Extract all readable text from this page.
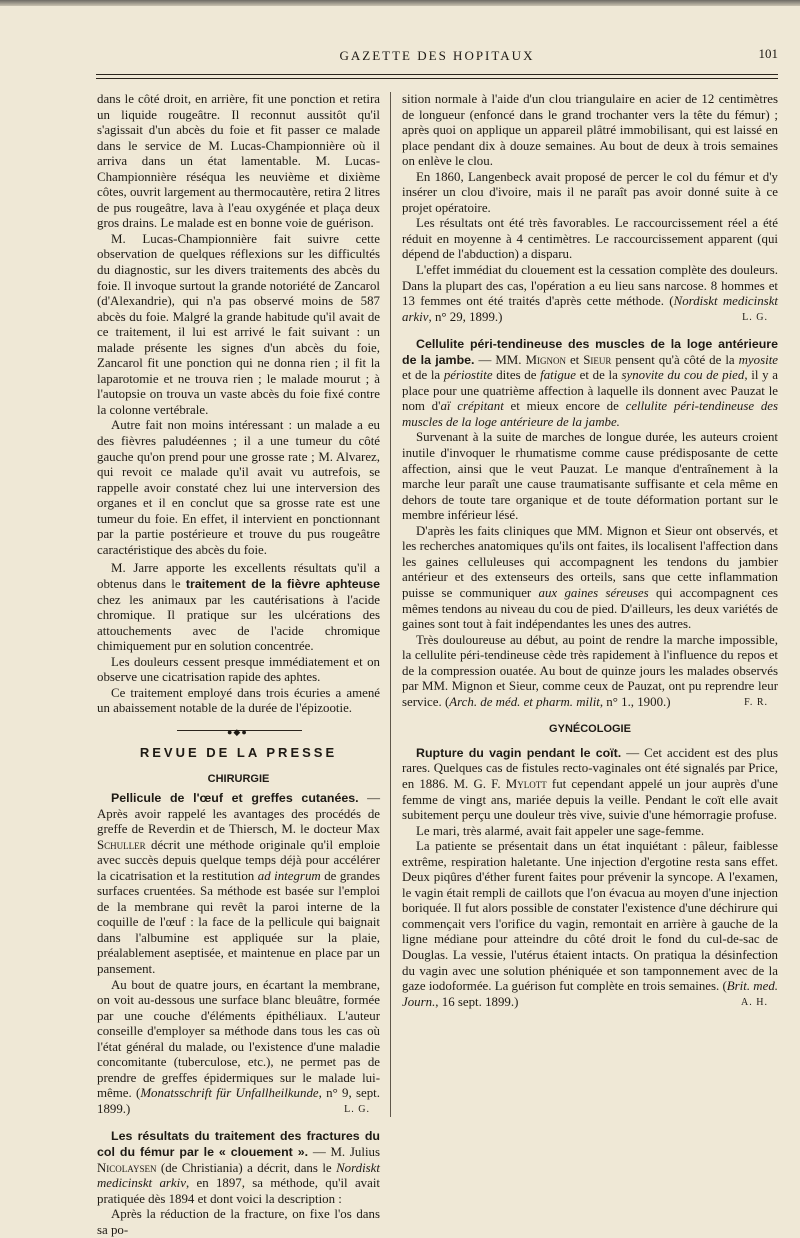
GAZETTE DES HOPITAUX	101

dans le côté droit, en arrière, fit une ponction et retira un liquide rougeâtre. Il reconnut aussitôt qu'il s'agissait d'un abcès du foie et fit passer ce malade dans le service de M. Lucas-Championnière où il arriva dans un état lamentable. M. Lucas-Championnière réséqua les neuvième et dixième côtes, ouvrit largement au thermocautère, retira 2 litres de pus rougeâtre, lava à l'eau oxygénée et plaça deux gros drains. Le malade est en bonne voie de guérison.

M. Lucas-Championnière fait suivre cette observation de quelques réflexions sur les difficultés du diagnostic, sur les divers traitements des abcès du foie. Il invoque surtout la grande notoriété de Zancarol (d'Alexandrie), qui n'a pas observé moins de 587 abcès du foie. Malgré la grande habitude qu'il avait de ce traitement, il lui est arrivé le fait suivant : un malade présente les signes d'un abcès du foie, Zancarol fit une ponction qui ne donna rien ; il fit la laparotomie et ne trouva rien ; le malade mourut ; à l'autopsie on trouva un vaste abcès du foie fixé contre la colonne vertébrale.

Autre fait non moins intéressant : un malade a eu des fièvres paludéennes ; il a une tumeur du côté gauche qu'on prend pour une grosse rate ; M. Alvarez, qui revoit ce malade qu'il avait vu autrefois, se rappelle avoir constaté chez lui une interversion des organes et il en conclut que sa grosse rate est une tumeur du foie. En effet, il intervient en ponctionnant par la partie postérieure et trouve du pus rougeâtre caractéristique des abcès du foie.

M. Jarre apporte les excellents résultats qu'il a obtenus dans le traitement de la fièvre aphteuse chez les animaux par les cautérisations à l'acide chromique. Il pratique sur les ulcérations des attouchements avec de l'acide chromique chimiquement pur en solution concentrée.

Les douleurs cessent presque immédiatement et on observe une cicatrisation rapide des aphtes.

Ce traitement employé dans trois écuries a amené un abaissement notable de la durée de l'épizootie.

●◆●

REVUE DE LA PRESSE

CHIRURGIE

Pellicule de l'œuf et greffes cutanées. — Après avoir rappelé les avantages des procédés de greffe de Reverdin et de Thiersch, M. le docteur Max Schuller décrit une méthode originale qu'il emploie avec succès depuis quelque temps déjà pour accélérer la cicatrisation et la restitution ad integrum de grandes surfaces cruentées. Sa méthode est basée sur l'emploi de la membrane qui revêt la paroi interne de la coquille de l'œuf : la face de la pellicule qui baignait dans l'albumine est appliquée sur la plaie, préalablement aseptisée, et maintenue en place par un pansement.

Au bout de quatre jours, en écartant la membrane, on voit au-dessous une surface blanc bleuâtre, formée par une couche d'éléments épithéliaux. L'auteur conseille d'employer sa méthode dans tous les cas où l'état général du malade, ou l'existence d'une maladie concomitante (tuberculose, etc.), ne permet pas de prendre de greffes épidermiques sur le malade lui-même. (Monatsschrift für Unfallheilkunde, n° 9, sept. 1899.)	L. G.

Les résultats du traitement des fractures du col du fémur par le « clouement ». — M. Julius Nicolaysen (de Christiania) a décrit, dans le Nordiskt medicinskt arkiv, en 1897, sa méthode, qu'il avait pratiquée dès 1894 et dont voici la description :

Après la réduction de la fracture, on fixe l'os dans sa po-

sition normale à l'aide d'un clou triangulaire en acier de 12 centimètres de longueur (enfoncé dans le grand trochanter vers la tête du fémur) ; après quoi on applique un appareil plâtré immobilisant, qui est laissé en place pendant dix à douze semaines. Au bout de deux à trois semaines on enlève le clou.

En 1860, Langenbeck avait proposé de percer le col du fémur et d'y insérer un clou d'ivoire, mais il ne paraît pas avoir donné suite à ce projet opératoire.

Les résultats ont été très favorables. Le raccourcissement réel a été réduit en moyenne à 4 centimètres. Le raccourcissement apparent (qui dépend de l'abduction) a disparu.

L'effet immédiat du clouement est la cessation complète des douleurs. Dans la plupart des cas, l'opération a eu lieu sans narcose. 8 hommes et 13 femmes ont été traités d'après cette méthode. (Nordiskt medicinskt arkiv, n° 29, 1899.)	L. G.

Cellulite péri-tendineuse des muscles de la loge antérieure de la jambe. — MM. Mignon et Sieur pensent qu'à côté de la myosite et de la périostite dites de fatigue et de la synovite du cou de pied, il y a place pour une quatrième affection à laquelle ils donnent avec Pauzat le nom d'aï crépitant et mieux encore de cellulite péri-tendineuse des muscles de la loge antérieure de la jambe.

Survenant à la suite de marches de longue durée, les auteurs croient inutile d'invoquer le rhumatisme comme cause prédisposante de cette affection, ainsi que le veut Pauzat. Le manque d'entraînement à la marche leur paraît une cause traumatisante suffisante et cela même en dehors de toute tare organique et de toute déformation portant sur le membre inférieur lésé.

D'après les faits cliniques que MM. Mignon et Sieur ont observés, et les recherches anatomiques qu'ils ont faites, ils localisent l'affection dans les gaines celluleuses qui accompagnent les tendons du jambier antérieur et des extenseurs des orteils, sans que cette inflammation puisse se communiquer aux gaines séreuses qui accompagnent ces mêmes tendons au niveau du cou de pied. D'ailleurs, les deux variétés de gaines sont tout à fait indépendantes les unes des autres.

Très douloureuse au début, au point de rendre la marche impossible, la cellulite péri-tendineuse cède très rapidement à l'influence du repos et de la compression ouatée. Au bout de quinze jours les malades observés par MM. Mignon et Sieur, comme ceux de Pauzat, ont pu reprendre leur service. (Arch. de méd. et pharm. milit, n° 1., 1900.)	F. R.

GYNÉCOLOGIE

Rupture du vagin pendant le coït. — Cet accident est des plus rares. Quelques cas de fistules recto-vaginales ont été signalés par Price, en 1886. M. G. F. Mylott fut cependant appelé un jour auprès d'une femme de vingt ans, mariée depuis la veille. Pendant le coït elle avait subitement perçu une douleur très vive, suivie d'une hémorragie profuse.

Le mari, très alarmé, avait fait appeler une sage-femme.

La patiente se présentait dans un état inquiétant : pâleur, faiblesse extrême, respiration haletante. Une injection d'ergotine resta sans effet. Deux piqûres d'éther furent faites pour prévenir la syncope. A l'examen, le vagin était rempli de caillots que l'on évacua au moyen d'une injection boriquée. Il fut alors possible de constater l'existence d'une déchirure qui commençait vers l'orifice du vagin, remontait en arrière à gauche de la ligne médiane pour atteindre du côté droit le fond du cul-de-sac de Douglas. La vessie, l'utérus étaient intacts. On pratiqua la désinfection du vagin avec une solution phéniquée et son tamponnement avec de la gaze iodoformée. La guérison fut complète en trois semaines. (Brit. med. Journ., 16 sept. 1899.)	A. H.
